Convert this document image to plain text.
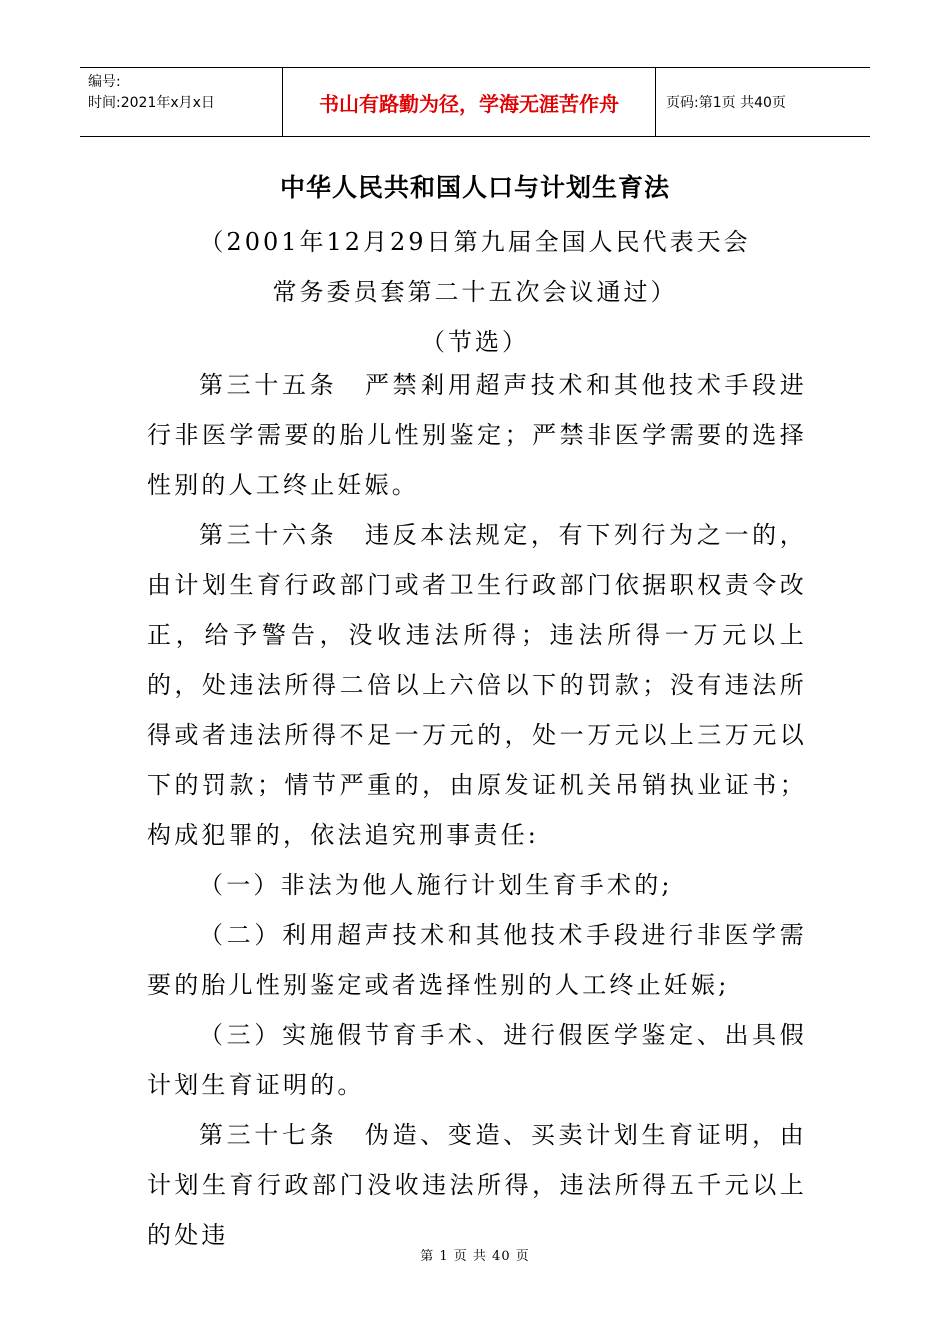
编号:
时间:2021年x月x日	书山有路勤为径，学海无涯苦作舟	页码:第1页 共40页
中华人民共和国人口与计划生育法
（2001年12月29日第九届全国人民代表天会
常务委员套第二十五次会议通过）
（节选）

第三十五条　严禁剎用超声技术和其他技术手段进行非医学需要的胎儿性别鉴定；严禁非医学需要的选择性别的人工终止妊娠。

第三十六条　违反本法规定，有下列行为之一的，由计划生育行政部门或者卫生行政部门依据职权责令改正，给予警告，没收违法所得；违法所得一万元以上的，处违法所得二倍以上六倍以下的罚款；没有违法所得或者违法所得不足一万元的，处一万元以上三万元以下的罚款；情节严重的，由原发证机关吊销执业证书；构成犯罪的，依法追究刑事责任:

（一）非法为他人施行计划生育手术的;

（二）利用超声技术和其他技术手段进行非医学需要的胎儿性别鉴定或者选择性别的人工终止妊娠;

（三）实施假节育手术、进行假医学鉴定、出具假计划生育证明的。

第三十七条　伪造、变造、买卖计划生育证明，由计划生育行政部门没收违法所得，违法所得五千元以上的处违

第 1 页 共 40 页
